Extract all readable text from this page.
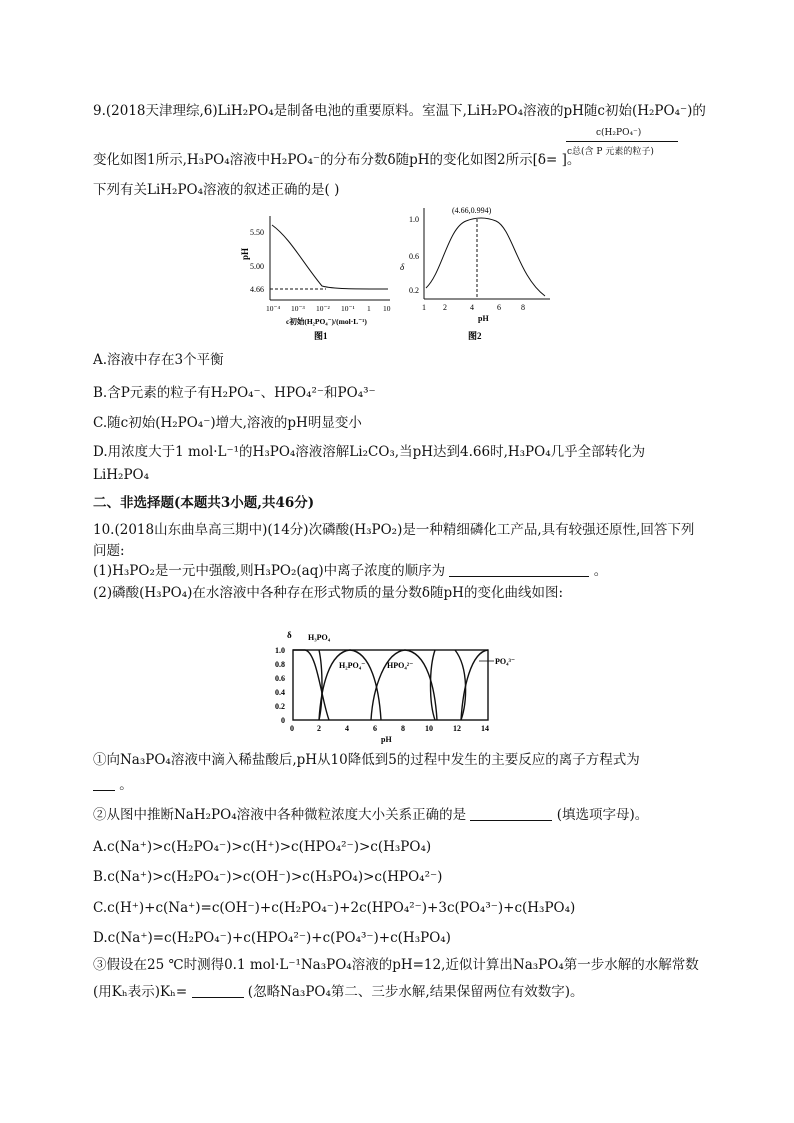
9.(2018天津理综,6)LiH₂PO₄是制备电池的重要原料。室温下,LiH₂PO₄溶液的pH随c初始(H₂PO₄⁻)的
c(H₂PO₄⁻)
c总(含 P 元素的粒子)
变化如图1所示,H₃PO₄溶液中H₂PO₄⁻的分布分数δ随pH的变化如图2所示[δ= ]。
下列有关LiH₂PO₄溶液的叙述正确的是( )
pH
5.50
5.00
4.66
10⁻⁴ 10⁻³ 10⁻² 10⁻¹ 1 10
c初始(H₂PO₄⁻)/(mol·L⁻¹)
图1
δ
1.0
0.6
0.2
(4.66,0.994)
1 2	4	6	8
pH
图2
A.溶液中存在3个平衡
B.含P元素的粒子有H₂PO₄⁻、HPO₄²⁻和PO₄³⁻
C.随c初始(H₂PO₄⁻)增大,溶液的pH明显变小
D.用浓度大于1 mol·L⁻¹的H₃PO₄溶液溶解Li₂CO₃,当pH达到4.66时,H₃PO₄几乎全部转化为
LiH₂PO₄
二、非选择题(本题共3小题,共46分)
10.(2018山东曲阜高三期中)(14分)次磷酸(H₃PO₂)是一种精细磷化工产品,具有较强还原性,回答下列
问题:
(1)H₃PO₂是一元中强酸,则H₃PO₂(aq)中离子浓度的顺序为	。
(2)磷酸(H₃PO₄)在水溶液中各种存在形式物质的量分数δ随pH的变化曲线如图:
δ
1.0
0.8
0.6
0.4
0.2
0
H₃PO₄
H₂PO₄⁻	HPO₄²⁻	PO₄³⁻
0	2	4	6	8	10	12	14
pH
①向Na₃PO₄溶液中滴入稀盐酸后,pH从10降低到5的过程中发生的主要反应的离子方程式为
。
②从图中推断NaH₂PO₄溶液中各种微粒浓度大小关系正确的是	(填选项字母)。
A.c(Na⁺)>c(H₂PO₄⁻)>c(H⁺)>c(HPO₄²⁻)>c(H₃PO₄)
B.c(Na⁺)>c(H₂PO₄⁻)>c(OH⁻)>c(H₃PO₄)>c(HPO₄²⁻)
C.c(H⁺)+c(Na⁺)=c(OH⁻)+c(H₂PO₄⁻)+2c(HPO₄²⁻)+3c(PO₄³⁻)+c(H₃PO₄)
D.c(Na⁺)=c(H₂PO₄⁻)+c(HPO₄²⁻)+c(PO₄³⁻)+c(H₃PO₄)
③假设在25 ℃时测得0.1 mol·L⁻¹Na₃PO₄溶液的pH=12,近似计算出Na₃PO₄第一步水解的水解常数
(用Kₕ表示)Kₕ=	(忽略Na₃PO₄第二、三步水解,结果保留两位有效数字)。
